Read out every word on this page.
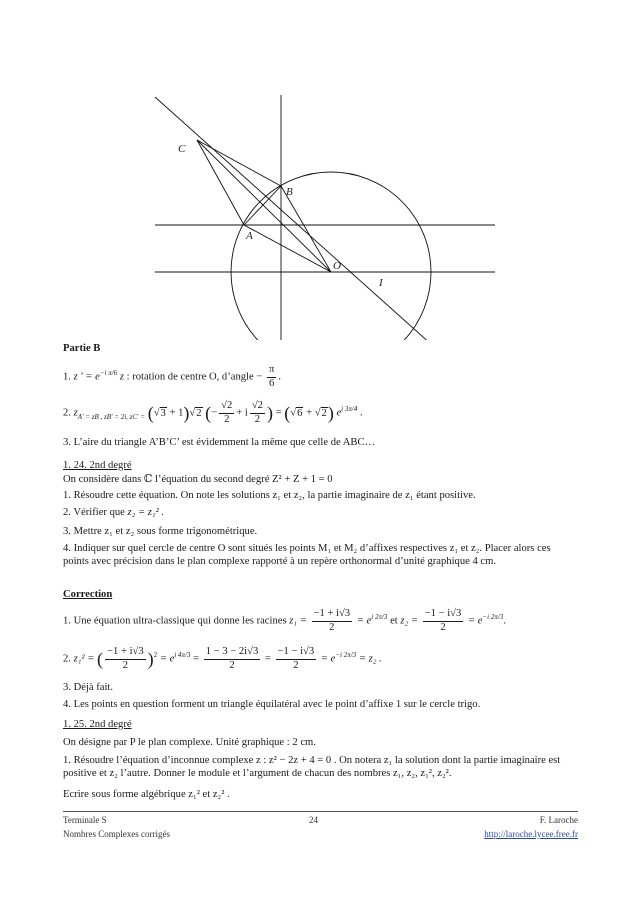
C
B
A
O
I
Partie B
1. z ' = $e^{-i \pi/6}$ z : rotation de centre O, d’angle − $\frac{\pi}{6}$ .
2. $z_{A' = zB , zB' = 2i, zC' =}$ (√3 + 1)√2 (− $\frac{√2}{2} + i \frac{√2}{2}$ ) = (√6 + √2) $e^{i 3\pi/4}$ .
3. L’aire du triangle A’B’C’ est évidemment la même que celle de ABC…
1. 24. 2nd degré
On considère dans ℂ l’équation du second degré Z² + Z + 1 = 0
1. Résoudre cette équation. On note les solutions z₁ et z₂, la partie imaginaire de z₁ étant positive.
2. Vérifier que z₂ = z₁² .
3. Mettre z₁ et z₂ sous forme trigonométrique.
4. Indiquer sur quel cercle de centre O sont situés les points M₁ et M₂ d’affixes respectives z₁ et z₂. Placer alors ces points avec précision dans le plan complexe rapporté à un repère orthonormal d’unité graphique 4 cm.
Correction
1. Une équation ultra-classique qui donne les racines $z_1 = \frac{-1 + i√3}{2} = e^{i 2\pi/3}$ et $z_2 = \frac{-1 - i√3}{2} = e^{-i 2\pi/3}$.
2. z₁² = ( $\frac{-1 + i√3}{2} )^2 = e^{i 4\pi/3} = \frac{1 - 3 - 2i√3}{2} = \frac{-1 - i√3}{2} = e^{-i 2\pi/3} = z_2$ .
3. Déjà fait.
4. Les points en question forment un triangle équilatéral avec le point d’affixe 1 sur le cercle trigo.
1. 25. 2nd degré
On désigne par P le plan complexe. Unité graphique : 2 cm.
1. Résoudre l’équation d’inconnue complexe z : z² − 2z + 4 = 0 . On notera z₁ la solution dont la partie imaginaire est positive et z₂ l’autre. Donner le module et l’argument de chacun des nombres z₁, z₂, z₁², z₂².
Ecrire sous forme algébrique z₁² et z₂² .
Terminale S	24	F. Laroche
Nombres Complexes corrigés	http://laroche.lycee.free.fr
